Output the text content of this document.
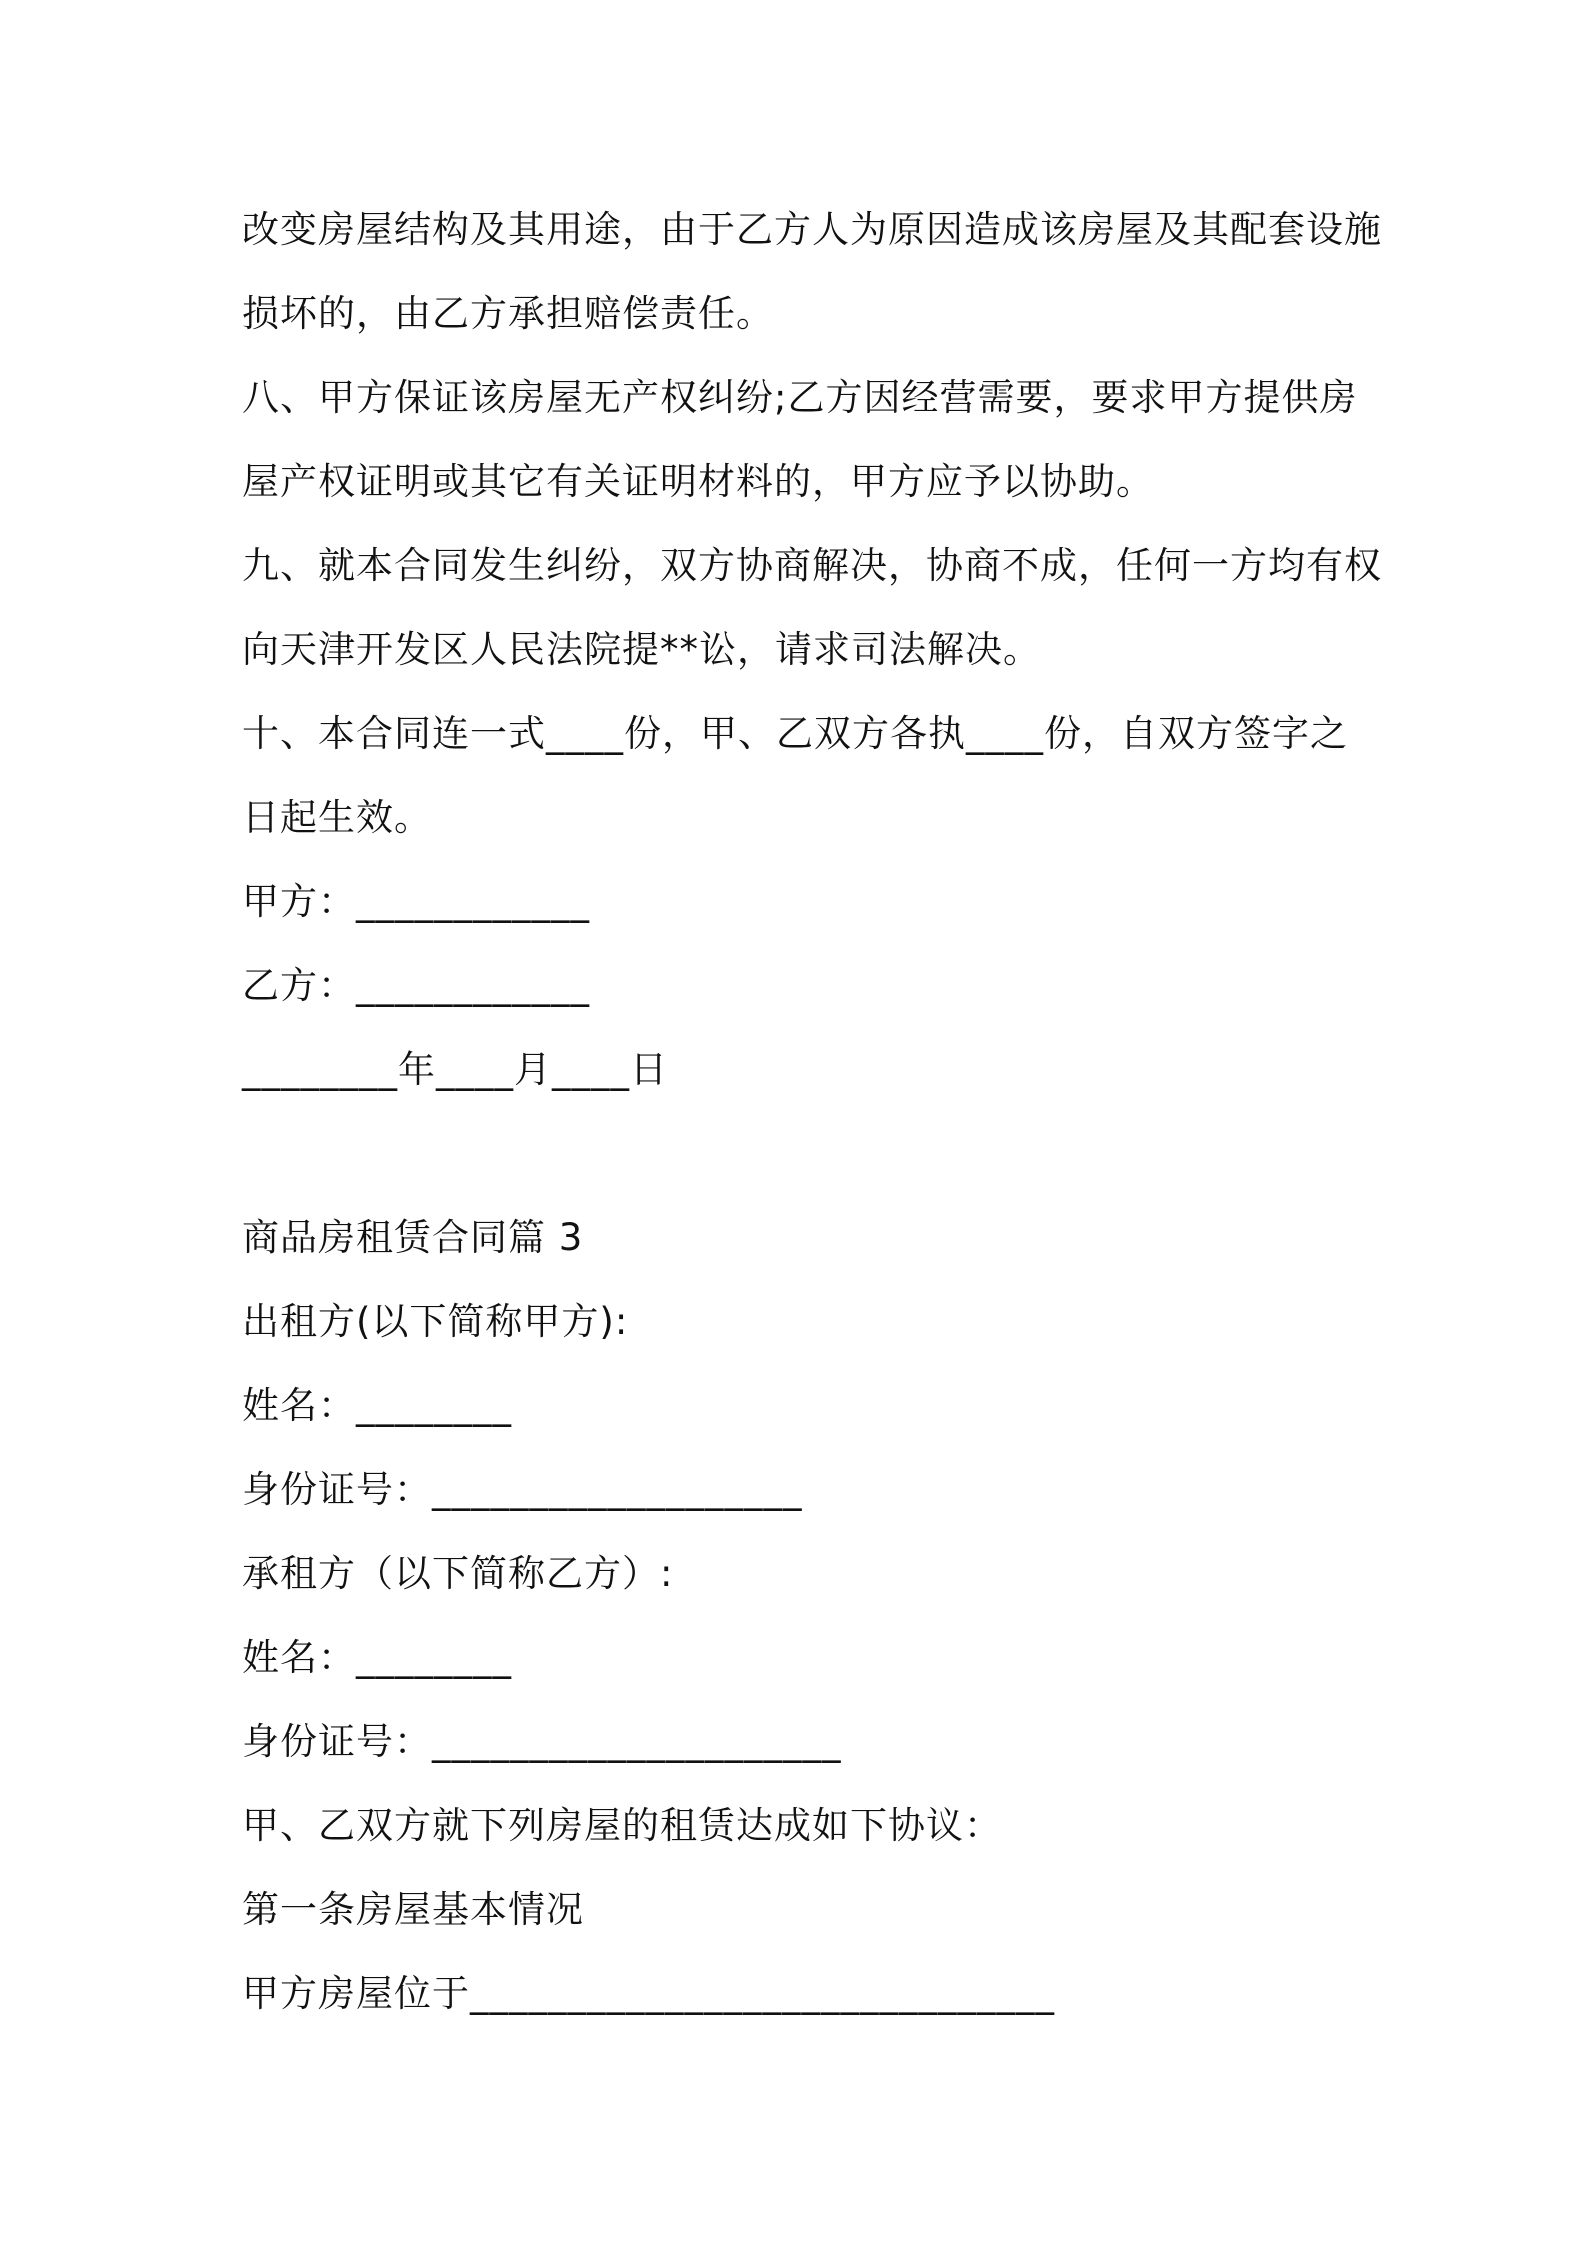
改变房屋结构及其用途，由于乙方人为原因造成该房屋及其配套设施
损坏的，由乙方承担赔偿责任。
八、甲方保证该房屋无产权纠纷;乙方因经营需要，要求甲方提供房
屋产权证明或其它有关证明材料的，甲方应予以协助。
九、就本合同发生纠纷，双方协商解决，协商不成，任何一方均有权
向天津开发区人民法院提**讼，请求司法解决。
十、本合同连一式____份，甲、乙双方各执____份，自双方签字之
日起生效。
甲方：____________
乙方：____________
________年____月____日
商品房租赁合同篇 3
出租方(以下简称甲方):
姓名：________
身份证号：___________________
承租方（以下简称乙方）:
姓名：________
身份证号：_____________________
甲、乙双方就下列房屋的租赁达成如下协议：
第一条房屋基本情况
甲方房屋位于______________________________
